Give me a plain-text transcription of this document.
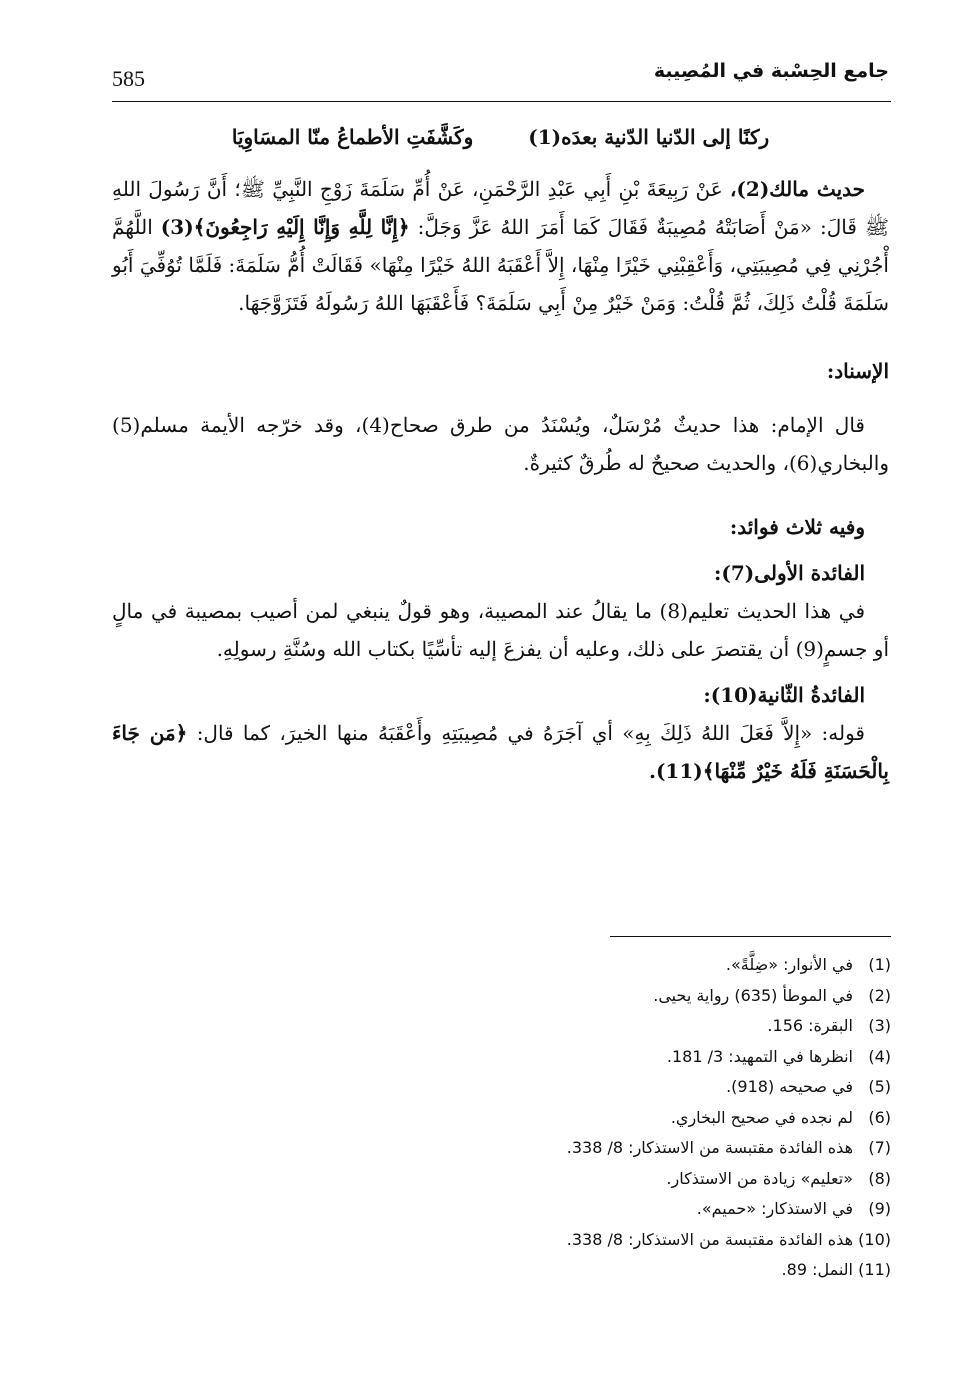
جامع الحِسْبة في المُصِيبة
585
ركنًا إلى الدّنيا الدّنية بعدَه(1) وكَشَّفَتِ الأطماعُ منّا المسَاوِيَا

حديث مالك(2)، عَنْ رَبِيعَةَ بْنِ أَبِي عَبْدِ الرَّحْمَنِ، عَنْ أُمِّ سَلَمَةَ زَوْجِ النَّبِيِّ ﷺ؛ أَنَّ رَسُولَ اللهِ ﷺ قَالَ: «مَنْ أَصَابَتْهُ مُصِيبَةٌ فَقَالَ كَمَا أَمَرَ اللهُ عَزَّ وَجَلَّ: ﴿إِنَّا لِلَّهِ وَإِنَّا إِلَيْهِ رَاجِعُونَ﴾(3) اللَّهُمَّ أْجُرْنِي فِي مُصِيبَتِي، وَأَعْقِبْنِي خَيْرًا مِنْهَا، إِلاَّ أَعْقَبَهُ اللهُ خَيْرًا مِنْهَا» فَقَالَتْ أُمُّ سَلَمَةَ: فَلَمَّا تُوُفِّيَ أَبُو سَلَمَةَ قُلْتُ ذَلِكَ، ثُمَّ قُلْتُ: وَمَنْ خَيْرٌ مِنْ أَبِي سَلَمَةَ؟ فَأَعْقَبَهَا اللهُ رَسُولَهُ فَتَزَوَّجَهَا.

الإسناد:

قال الإمام: هذا حديثٌ مُرْسَلٌ، ويُسْنَدُ من طرق صحاح(4)، وقد خرّجه الأيمة مسلم(5) والبخاري(6)، والحديث صحيحٌ له طُرقٌ كثيرةٌ.

وفيه ثلاث فوائد:

الفائدة الأولى(7):

في هذا الحديث تعليم(8) ما يقالُ عند المصيبة، وهو قولٌ ينبغي لمن أصيب بمصيبة في مالٍ أو جسمٍ(9) أن يقتصرَ على ذلك، وعليه أن يفزعَ إليه تأسِّيًا بكتاب الله وسُنَّةِ رسولِهِ.

الفائدةُ الثّانية(10):

قوله: «إِلاَّ فَعَلَ اللهُ ذَلِكَ بِهِ» أي آجَرَهُ في مُصِيبَتِهِ وأَعْقَبَهُ منها الخيرَ، كما قال: ﴿مَن جَاءَ بِالْحَسَنَةِ فَلَهُ خَيْرٌ مِّنْهَا﴾(11).

(1)في الأنوار: «ضِلَّةً».
(2)في الموطأ (635) رواية يحيى.
(3)البقرة: 156.
(4)انظرها في التمهيد: 3/ 181.
(5)في صحيحه (918).
(6)لم نجده في صحيح البخاري.
(7)هذه الفائدة مقتبسة من الاستذكار: 8/ 338.
(8)«تعليم» زيادة من الاستذكار.
(9)في الاستذكار: «حميم».
(10)هذه الفائدة مقتبسة من الاستذكار: 8/ 338.
(11)النمل: 89.
